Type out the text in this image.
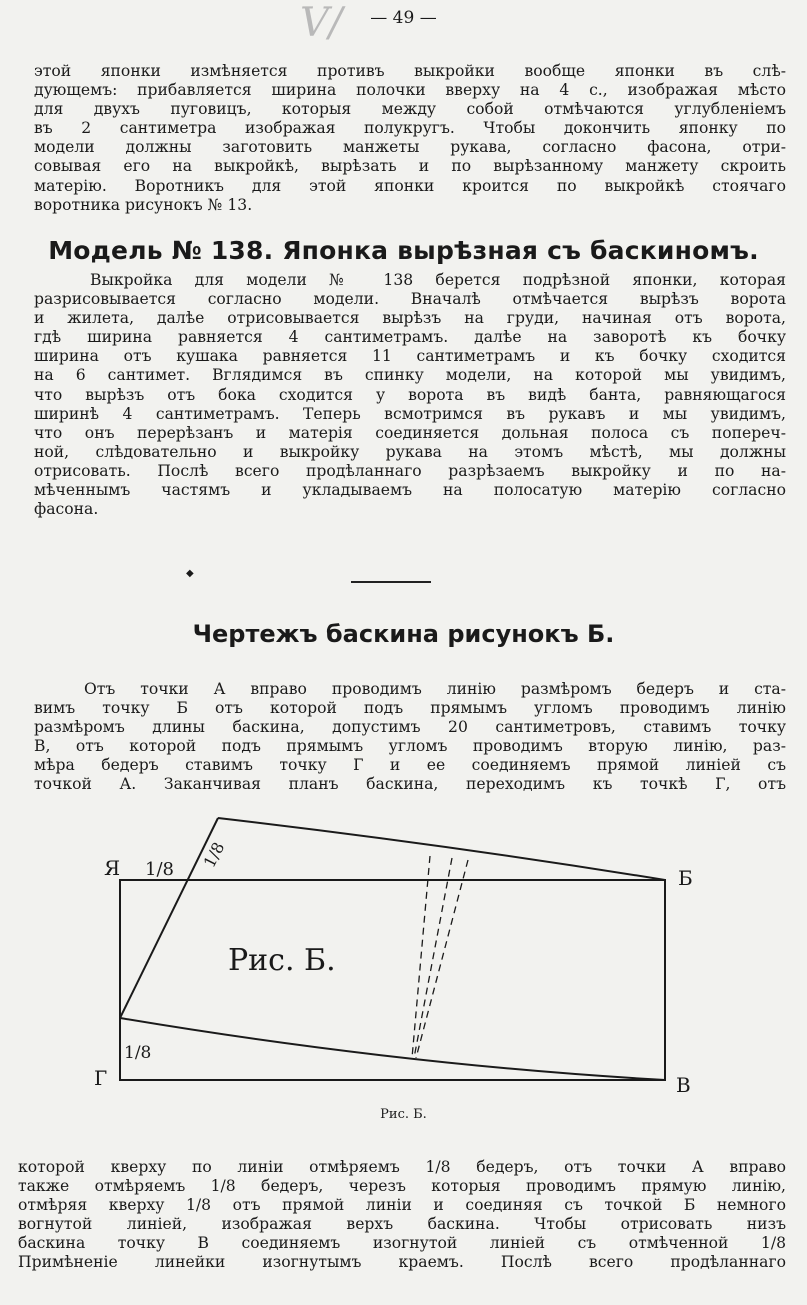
— 49 —
V/
этой японки измѣняется противъ выкройки вообще японки въ слѣ-
дующемъ: прибавляется ширина полочки вверху на 4 с., изображая мѣсто
для двухъ пуговицъ, которыя между собой отмѣчаются углубленіемъ
въ 2 сантиметра изображая полукругъ. Чтобы докончить японку по
модели должны заготовить манжеты рукава, согласно фасона, отри-
совывая его на выкройкѣ, вырѣзать и по вырѣзанному манжету скроить
матерію. Воротникъ для этой японки кроится по выкройкѣ стоячаго
воротника рисунокъ № 13.
Модель № 138. Японка вырѣзная съ баскиномъ.
Выкройка для модели № 138 берется подрѣзной японки, которая
разрисовывается согласно модели. Вначалѣ отмѣчается вырѣзъ ворота
и жилета, далѣе отрисовывается вырѣзъ на груди, начиная отъ ворота,
гдѣ ширина равняется 4 сантиметрамъ. далѣе на заворотѣ къ бочку
ширина отъ кушака равняется 11 сантиметрамъ и къ бочку сходится
на 6 сантимет. Вглядимся въ спинку модели, на которой мы увидимъ,
что вырѣзъ отъ бока сходится у ворота въ видѣ банта, равняющагося
ширинѣ 4 сантиметрамъ. Теперь всмотримся въ рукавъ и мы увидимъ,
что онъ перерѣзанъ и матерія соединяется дольная полоса съ попереч-
ной, слѣдовательно и выкройку рукава на этомъ мѣстѣ, мы должны
отрисовать. Послѣ всего продѣланнаго разрѣзаемъ выкройку и по на-
мѣченнымъ частямъ и укладываемъ на полосатую матерію согласно
фасона.
◆
Чертежъ баскина рисунокъ Б.
Отъ точки А вправо проводимъ линію размѣромъ бедеръ и ста-
вимъ точку Б отъ которой подъ прямымъ угломъ проводимъ линію
размѣромъ длины баскина, допустимъ 20 сантиметровъ, ставимъ точку
В, отъ которой подъ прямымъ угломъ проводимъ вторую линію, раз-
мѣра бедеръ ставимъ точку Г и ее соединяемъ прямой линіей съ
точкой А. Заканчивая планъ баскина, переходимъ къ точкѣ Г, отъ
Я 1/8 1/8
Б
В
Г
1/8
Рис. Б.
Рис. Б.
которой кверху по линіи отмѣряемъ 1/8 бедеръ, отъ точки А вправо
также отмѣряемъ 1/8 бедеръ, черезъ которыя проводимъ прямую линію,
отмѣряя кверху 1/8 отъ прямой линіи и соединяя съ точкой Б немного
вогнутой линіей, изображая верхъ баскина. Чтобы отрисовать низъ
баскина точку В соединяемъ изогнутой линіей съ отмѣченной 1/8
Примѣненіе линейки изогнутымъ краемъ. Послѣ всего продѣланнаго
